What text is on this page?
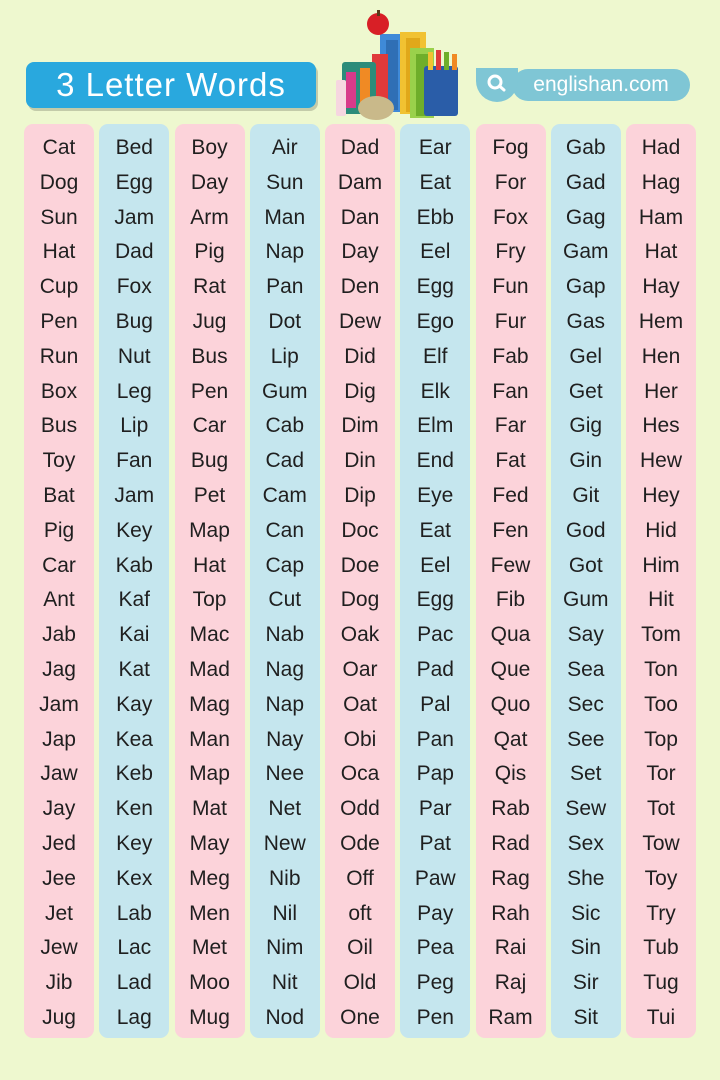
3 Letter Words	englishan.com
Cat
Dog
Sun
Hat
Cup
Pen
Run
Box
Bus
Toy
Bat
Pig
Car
Ant
Jab
Jag
Jam
Jap
Jaw
Jay
Jed
Jee
Jet
Jew
Jib
Jug
Bed
Egg
Jam
Dad
Fox
Bug
Nut
Leg
Lip
Fan
Jam
Key
Kab
Kaf
Kai
Kat
Kay
Kea
Keb
Ken
Key
Kex
Lab
Lac
Lad
Lag
Boy
Day
Arm
Pig
Rat
Jug
Bus
Pen
Car
Bug
Pet
Map
Hat
Top
Mac
Mad
Mag
Man
Map
Mat
May
Meg
Men
Met
Moo
Mug
Air
Sun
Man
Nap
Pan
Dot
Lip
Gum
Cab
Cad
Cam
Can
Cap
Cut
Nab
Nag
Nap
Nay
Nee
Net
New
Nib
Nil
Nim
Nit
Nod
Dad
Dam
Dan
Day
Den
Dew
Did
Dig
Dim
Din
Dip
Doc
Doe
Dog
Oak
Oar
Oat
Obi
Oca
Odd
Ode
Off
oft
Oil
Old
One
Ear
Eat
Ebb
Eel
Egg
Ego
Elf
Elk
Elm
End
Eye
Eat
Eel
Egg
Pac
Pad
Pal
Pan
Pap
Par
Pat
Paw
Pay
Pea
Peg
Pen
Fog
For
Fox
Fry
Fun
Fur
Fab
Fan
Far
Fat
Fed
Fen
Few
Fib
Qua
Que
Quo
Qat
Qis
Rab
Rad
Rag
Rah
Rai
Raj
Ram
Gab
Gad
Gag
Gam
Gap
Gas
Gel
Get
Gig
Gin
Git
God
Got
Gum
Say
Sea
Sec
See
Set
Sew
Sex
She
Sic
Sin
Sir
Sit
Had
Hag
Ham
Hat
Hay
Hem
Hen
Her
Hes
Hew
Hey
Hid
Him
Hit
Tom
Ton
Too
Top
Tor
Tot
Tow
Toy
Try
Tub
Tug
Tui
